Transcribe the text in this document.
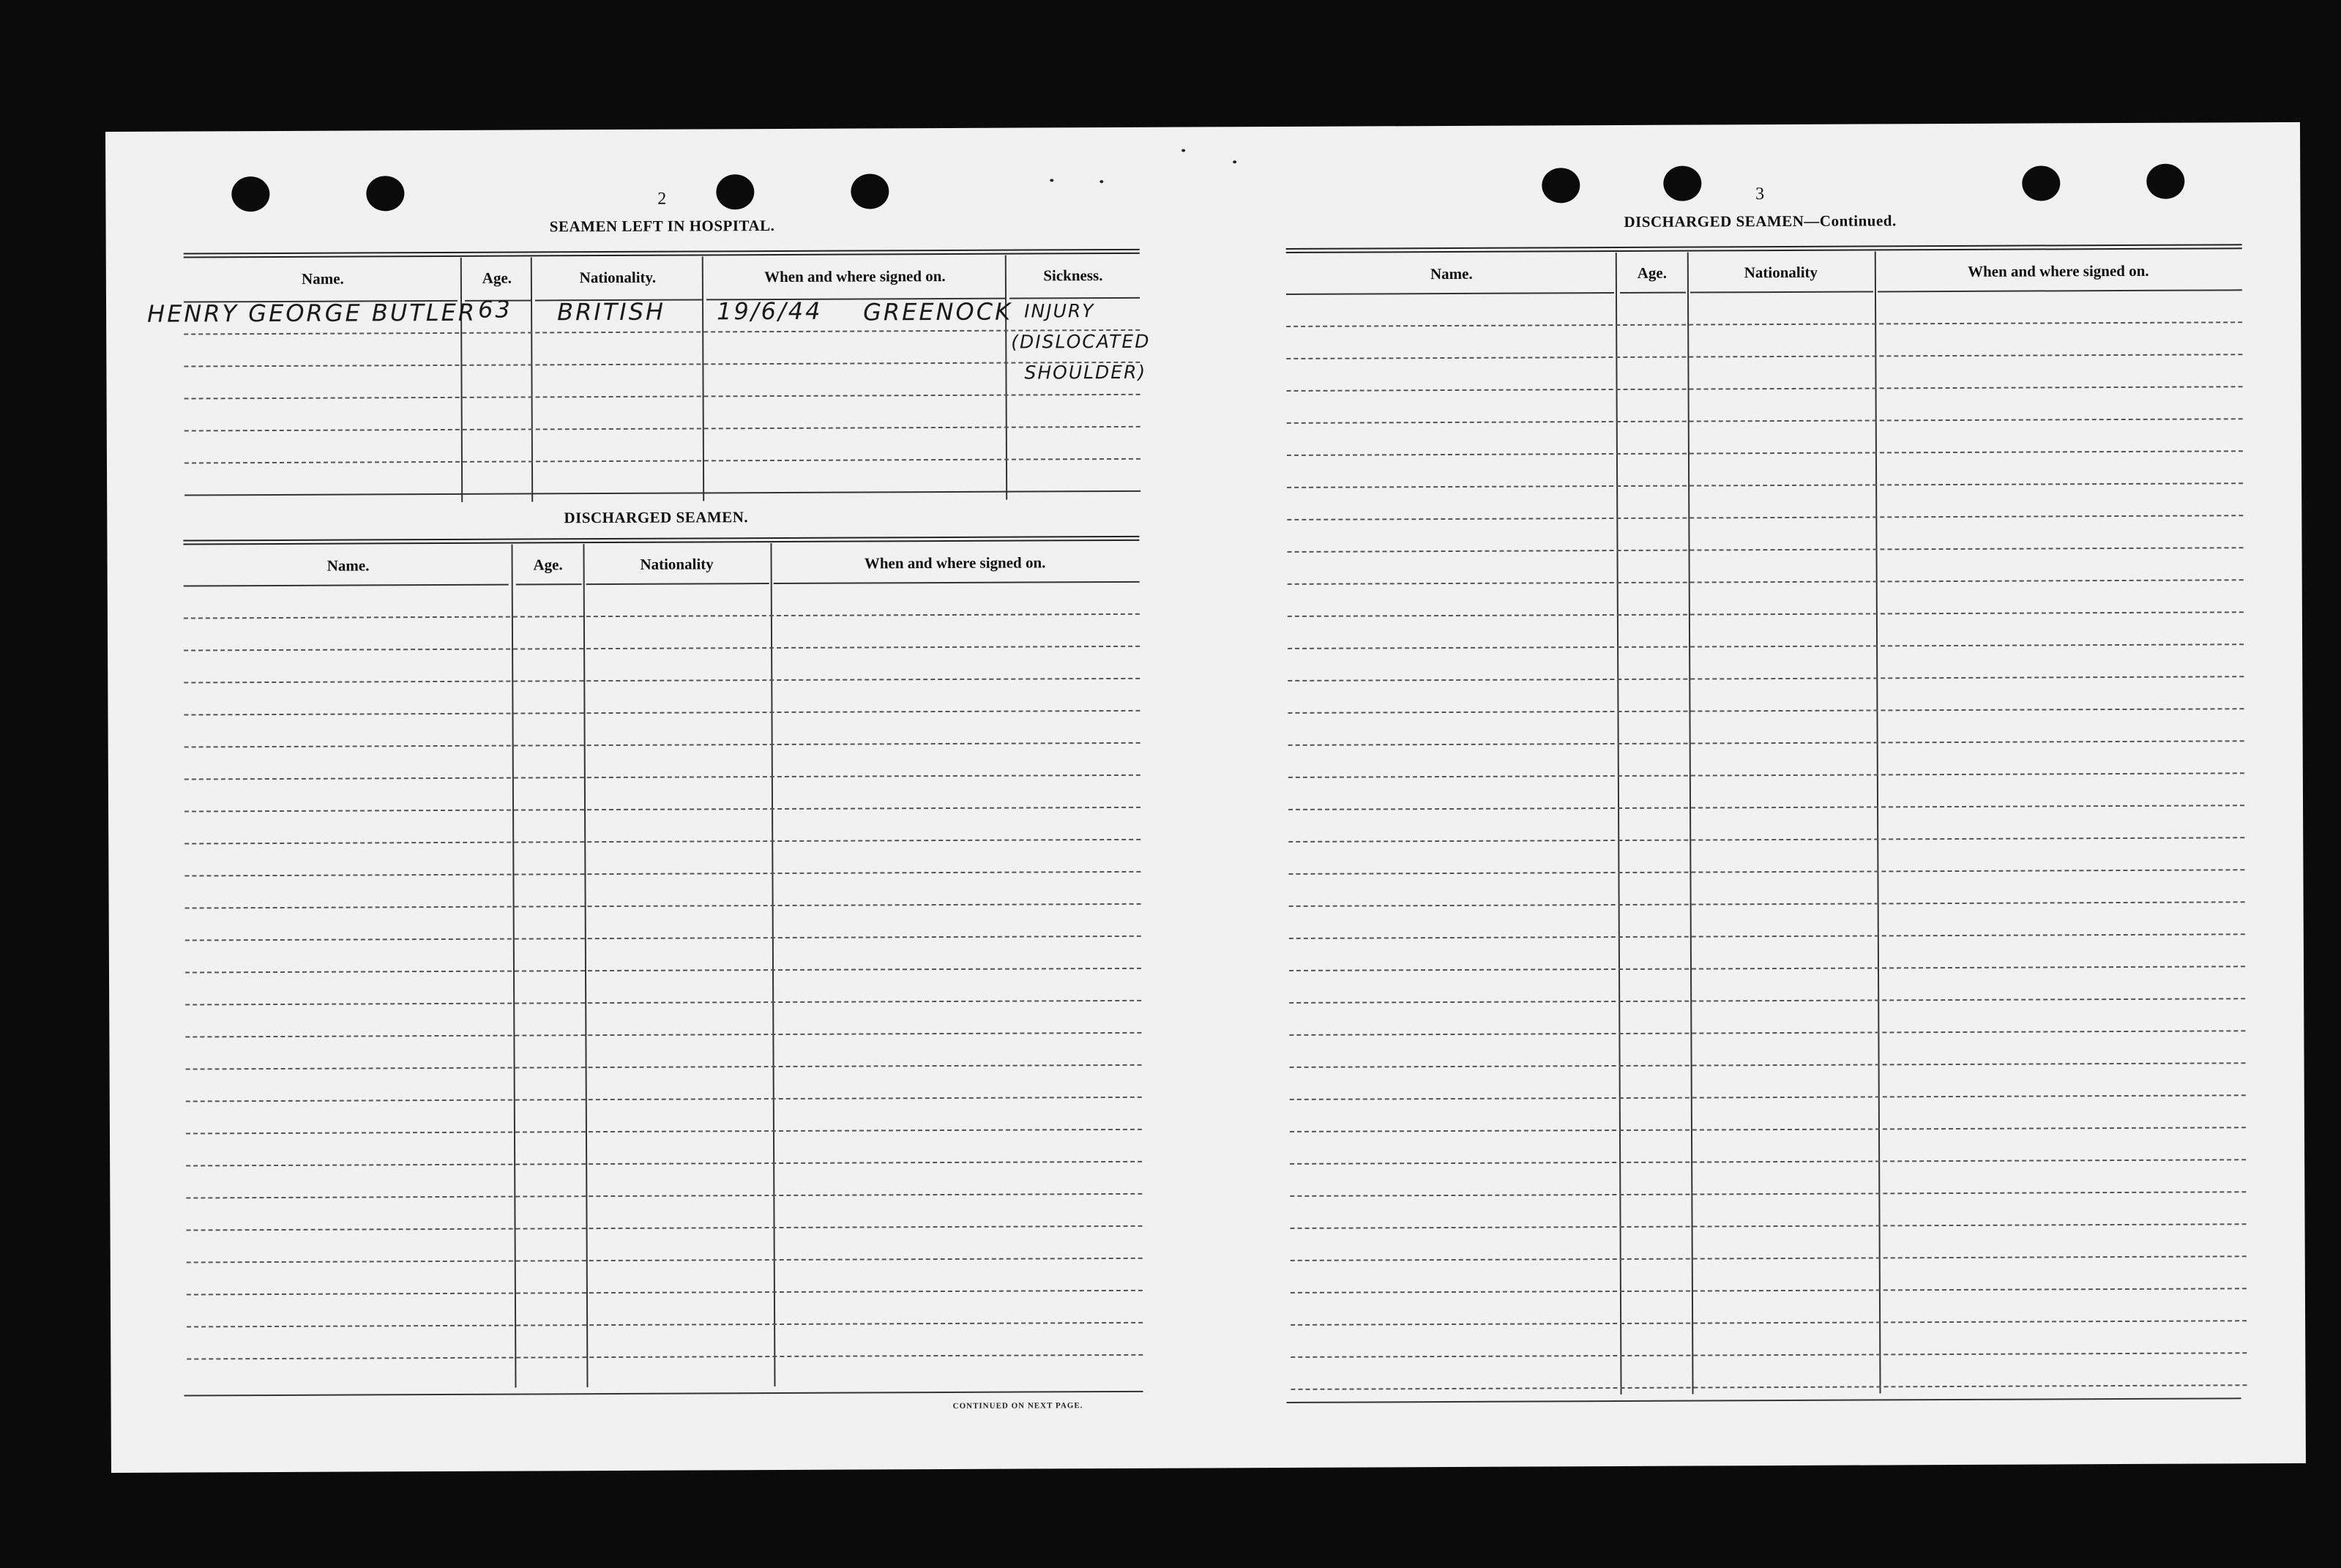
2
SEAMEN LEFT IN HOSPITAL.
Name.	Age.	Nationality.	When and where signed on.	Sickness.
HENRY GEORGE BUTLER 63 BRITISH 19/6/44 GREENOCK INJURY
(DISLOCATED
SHOULDER)
DISCHARGED SEAMEN.
Name.	Age.	Nationality	When and where signed on.
CONTINUED ON NEXT PAGE.
3
DISCHARGED SEAMEN—Continued.
Name.	Age.	Nationality	When and where signed on.
